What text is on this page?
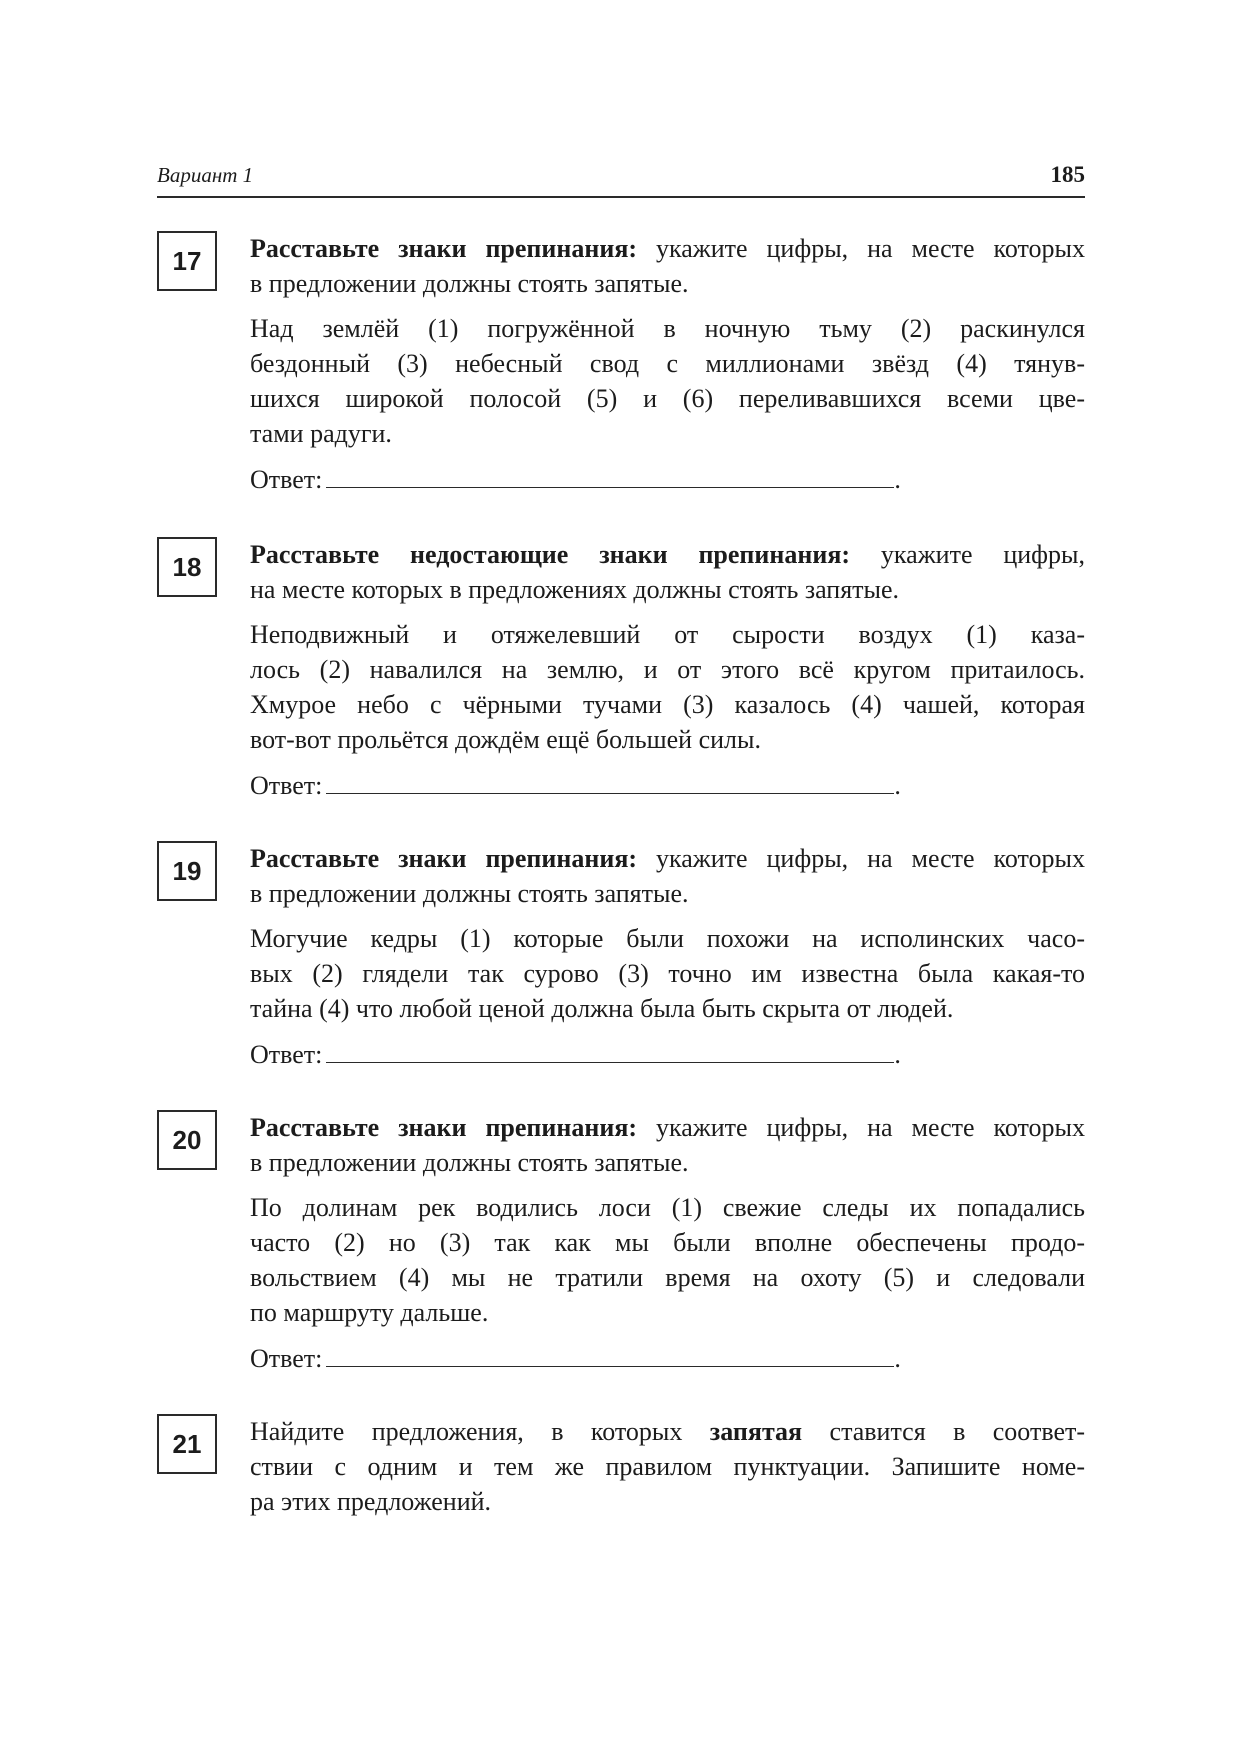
Вариант 1	185
17	Расставьте знаки препинания: укажите цифры, на месте которых
в предложении должны стоять запятые.
Над землёй (1) погружённой в ночную тьму (2) раскинулся
бездонный (3) небесный свод с миллионами звёзд (4) тянув-
шихся широкой полосой (5) и (6) переливавшихся всеми цве-
тами радуги.
Ответ:	.
18	Расставьте недостающие знаки препинания: укажите цифры,
на месте которых в предложениях должны стоять запятые.
Неподвижный и отяжелевший от сырости воздух (1) каза-
лось (2) навалился на землю, и от этого всё кругом притаилось.
Хмурое небо с чёрными тучами (3) казалось (4) чашей, которая
вот-вот прольётся дождём ещё большей силы.
Ответ:	.
19	Расставьте знаки препинания: укажите цифры, на месте которых
в предложении должны стоять запятые.
Могучие кедры (1) которые были похожи на исполинских часо-
вых (2) глядели так сурово (3) точно им известна была какая-то
тайна (4) что любой ценой должна была быть скрыта от людей.
Ответ:	.
20	Расставьте знаки препинания: укажите цифры, на месте которых
в предложении должны стоять запятые.
По долинам рек водились лоси (1) свежие следы их попадались
часто (2) но (3) так как мы были вполне обеспечены продо-
вольствием (4) мы не тратили время на охоту (5) и следовали
по маршруту дальше.
Ответ:	.
21	Найдите предложения, в которых запятая ставится в соответ-
ствии с одним и тем же правилом пунктуации. Запишите номе-
ра этих предложений.
